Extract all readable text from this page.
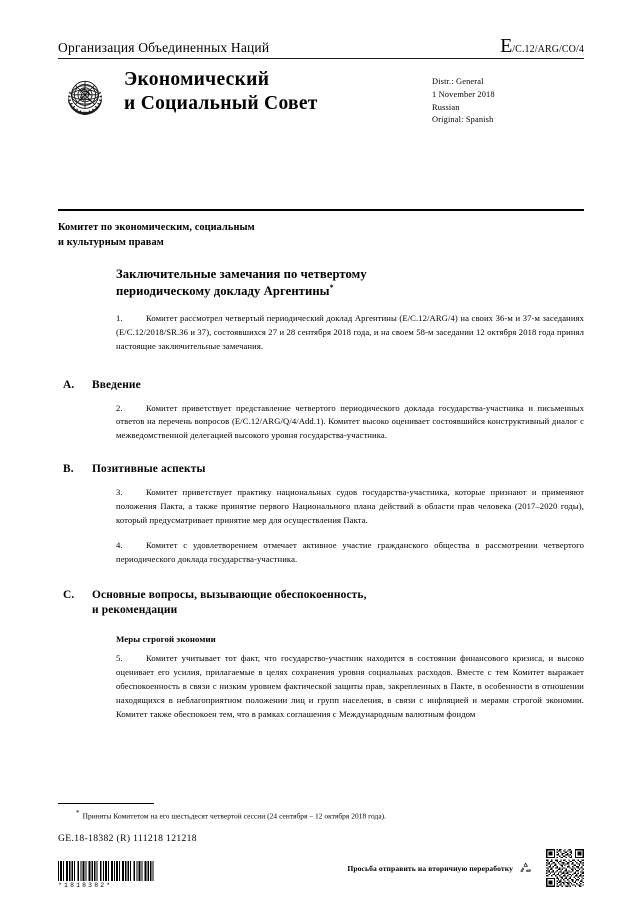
Организация Объединенных Наций	E /C.12/ARG/CO/4
Экономический
и Социальный Совет
Distr.: General
1 November 2018
Russian
Original: Spanish
Комитет по экономическим, социальным
и культурным правам
Заключительные замечания по четвертому
периодическому докладу Аргентины*

1.	Комитет рассмотрел четвертый периодический доклад Аргентины (E/C.12/ARG/4) на своих 36-м и 37-м заседаниях (E/C.12/2018/SR.36 и 37), состоявшихся 27 и 28 сентября 2018 года, и на своем 58-м заседании 12 октября 2018 года принял настоящие заключительные замечания.

A.	Введение

2.	Комитет приветствует представление четвертого периодического доклада государства-участника и письменных ответов на перечень вопросов (E/C.12/ARG/Q/4/Add.1). Комитет высоко оценивает состоявшийся конструктивный диалог с межведомственной делегацией высокого уровня государства-участника.

B.	Позитивные аспекты

3.	Комитет приветствует практику национальных судов государства-участника, которые признают и применяют положения Пакта, а также принятие первого Национального плана действий в области прав человека (2017–2020 годы), который предусматривает принятие мер для осуществления Пакта.

4.	Комитет с удовлетворением отмечает активное участие гражданского общества в рассмотрении четвертого периодического доклада государства-участника.

C.	Основные вопросы, вызывающие обеспокоенность,
и рекомендации
Меры строгой экономии

5.	Комитет учитывает тот факт, что государство-участник находится в состоянии финансового кризиса, и высоко оценивает его усилия, прилагаемые в целях сохранения уровня социальных расходов. Вместе с тем Комитет выражает обеспокоенность в связи с низким уровнем фактической защиты прав, закрепленных в Пакте, в особенности в отношении находящихся в неблагоприятном положении лиц и групп населения, в связи с инфляцией и мерами строгой экономии. Комитет также обеспокоен тем, что в рамках соглашения с Международным валютным фондом

* Приняты Комитетом на его шестьдесят четвертой сессии (24 сентября – 12 октября 2018 года).
GE.18-18382 (R) 111218 121218
*1818382*
Просьба отправить на вторичную переработку
